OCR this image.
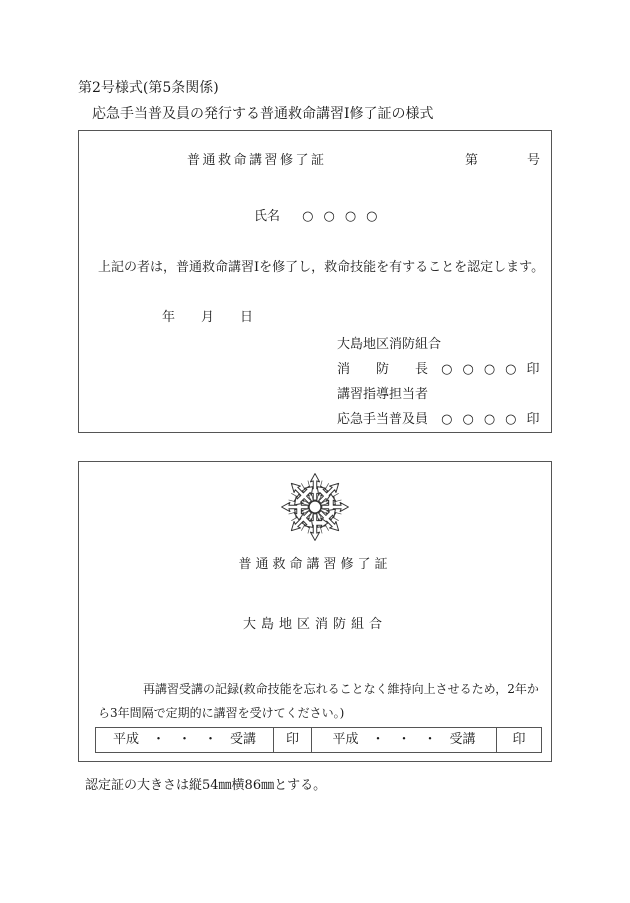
第2号様式(第5条関係)
応急手当普及員の発行する普通救命講習Ⅰ修了証の様式
普通救命講習修了証	第	号
氏名 ○　○　○　○
上記の者は，普通救命講習Ⅰを修了し，救命技能を有することを認定します。
年　　月　　日
大島地区消防組合
消　　防　　長 ○　○　○　○　印
講習指導担当者
応急手当普及員 ○　○　○　○　印
普通救命講習修了証
大島地区消防組合
再講習受講の記録(救命技能を忘れることなく維持向上させるため，2年から3年間隔で定期的に講習を受けてください。)
平成　・　・　・　受講	印	平成　・　・　・　受講	印
認定証の大きさは縦54㎜横86㎜とする。
